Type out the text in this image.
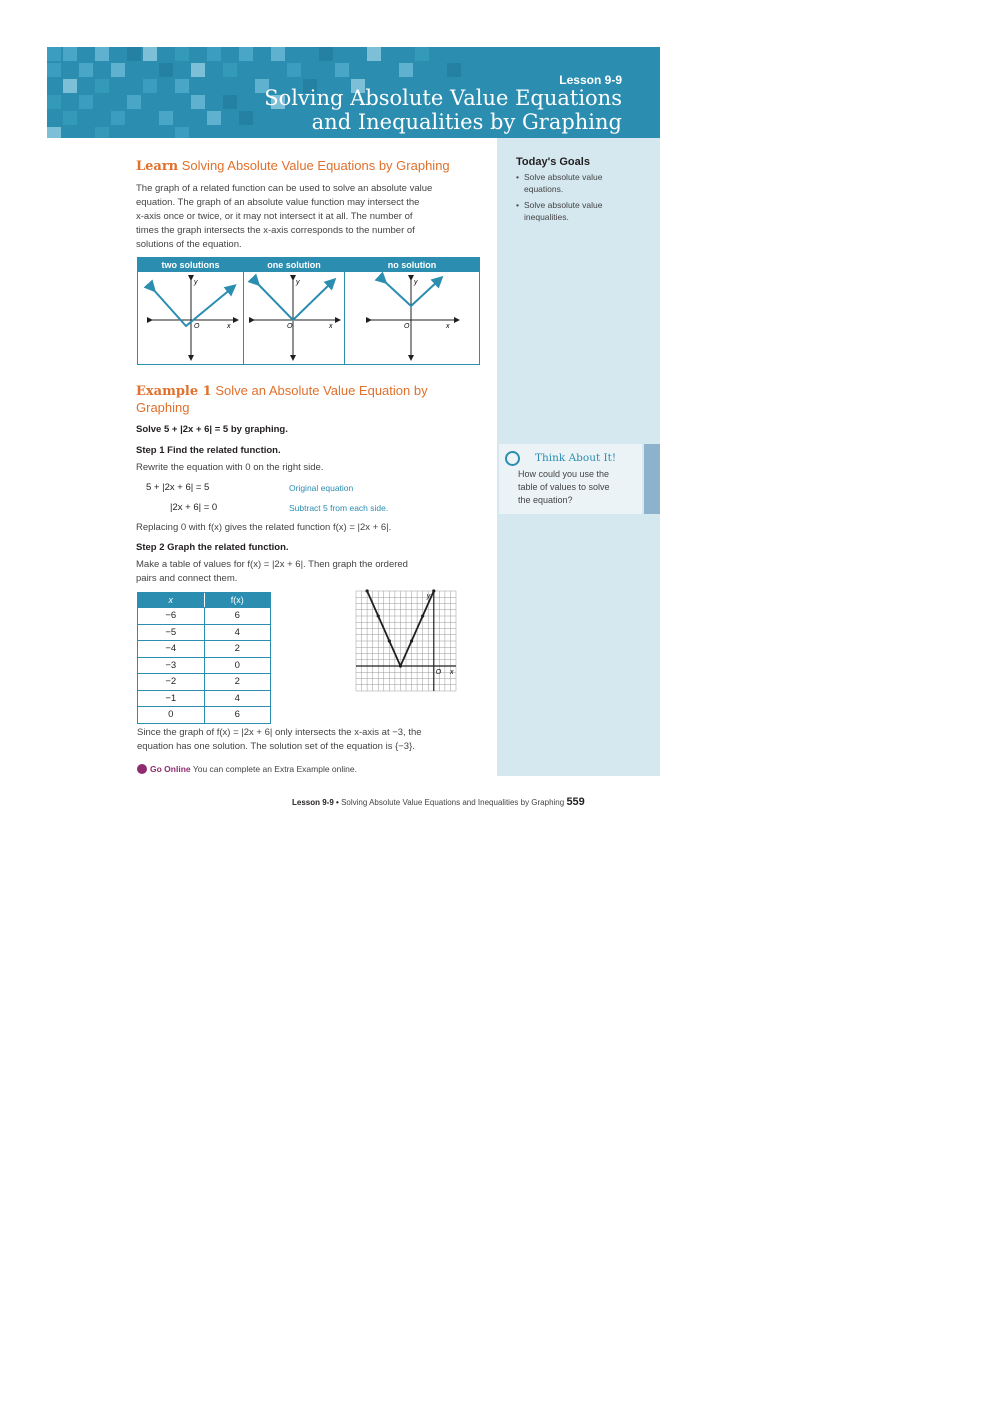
Lesson 9-9
Solving Absolute Value Equations
and Inequalities by Graphing
Today's Goals
• Solve absolute value
equations.
• Solve absolute value
inequalities.
Think About It!
How could you use the
table of values to solve
the equation?
Learn Solving Absolute Value Equations by Graphing
The graph of a related function can be used to solve an absolute value
equation. The graph of an absolute value function may intersect the
x-axis once or twice, or it may not intersect it at all. The number of
times the graph intersects the x-axis corresponds to the number of
solutions of the equation.
two solutions	one solution	no solution
y
x
O
y
x
O
y
x
O
Example 1 Solve an Absolute Value Equation by
Graphing
Solve 5 + |2x + 6| = 5 by graphing.
Step 1 Find the related function.
Rewrite the equation with 0 on the right side.
5 + |2x + 6| = 5	Original equation
|2x + 6| = 0	Subtract 5 from each side.
Replacing 0 with f(x) gives the related function f(x) = |2x + 6|.
Step 2 Graph the related function.
Make a table of values for f(x) = |2x + 6|. Then graph the ordered
pairs and connect them.
x	f(x)
−6	6
−5	4
−4	2
−3	0
−2	2
−1	4
0	6
x
y
O
Since the graph of f(x) = |2x + 6| only intersects the x-axis at −3, the
equation has one solution. The solution set of the equation is {−3}.
Go Online You can complete an Extra Example online.
Lesson 9-9 • Solving Absolute Value Equations and Inequalities by Graphing 559
